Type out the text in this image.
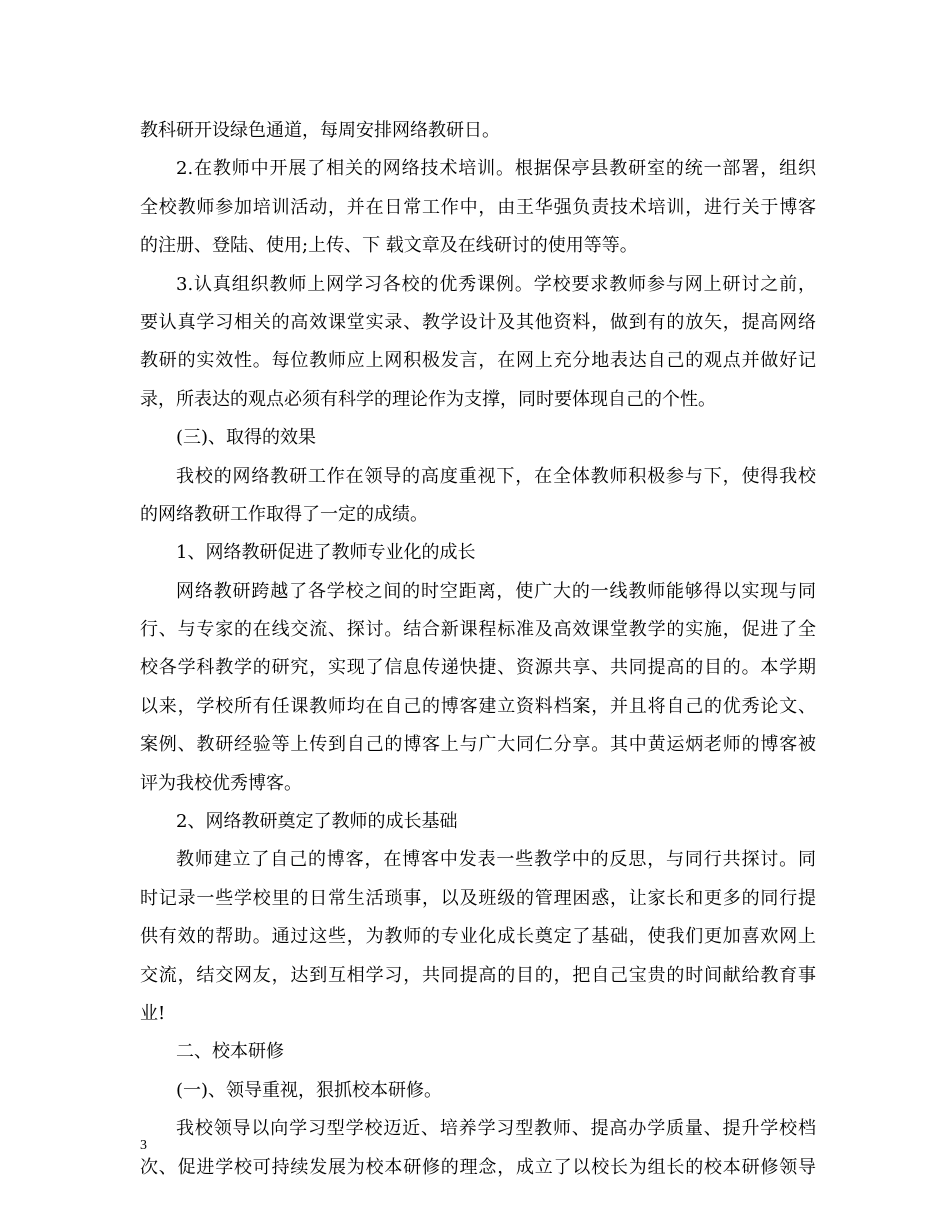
教科研开设绿色通道，每周安排网络教研日。
2.在教师中开展了相关的网络技术培训。根据保亭县教研室的统一部署，组织
全校教师参加培训活动，并在日常工作中，由王华强负责技术培训，进行关于博客
的注册、登陆、使用;上传、下 载文章及在线研讨的使用等等。
3.认真组织教师上网学习各校的优秀课例。学校要求教师参与网上研讨之前，
要认真学习相关的高效课堂实录、教学设计及其他资料，做到有的放矢，提高网络
教研的实效性。每位教师应上网积极发言，在网上充分地表达自己的观点并做好记
录，所表达的观点必须有科学的理论作为支撑，同时要体现自己的个性。
(三)、取得的效果
我校的网络教研工作在领导的高度重视下，在全体教师积极参与下，使得我校
的网络教研工作取得了一定的成绩。
1、网络教研促进了教师专业化的成长
网络教研跨越了各学校之间的时空距离，使广大的一线教师能够得以实现与同
行、与专家的在线交流、探讨。结合新课程标准及高效课堂教学的实施，促进了全
校各学科教学的研究，实现了信息传递快捷、资源共享、共同提高的目的。本学期
以来，学校所有任课教师均在自己的博客建立资料档案，并且将自己的优秀论文、
案例、教研经验等上传到自己的博客上与广大同仁分享。其中黄运炳老师的博客被
评为我校优秀博客。
2、网络教研奠定了教师的成长基础
教师建立了自己的博客，在博客中发表一些教学中的反思，与同行共探讨。同
时记录一些学校里的日常生活琐事，以及班级的管理困惑，让家长和更多的同行提
供有效的帮助。通过这些，为教师的专业化成长奠定了基础，使我们更加喜欢网上
交流，结交网友，达到互相学习，共同提高的目的，把自己宝贵的时间献给教育事
业!
二、校本研修
(一)、领导重视，狠抓校本研修。
我校领导以向学习型学校迈近、培养学习型教师、提高办学质量、提升学校档
次、促进学校可持续发展为校本研修的理念，成立了以校长为组长的校本研修领导
3
